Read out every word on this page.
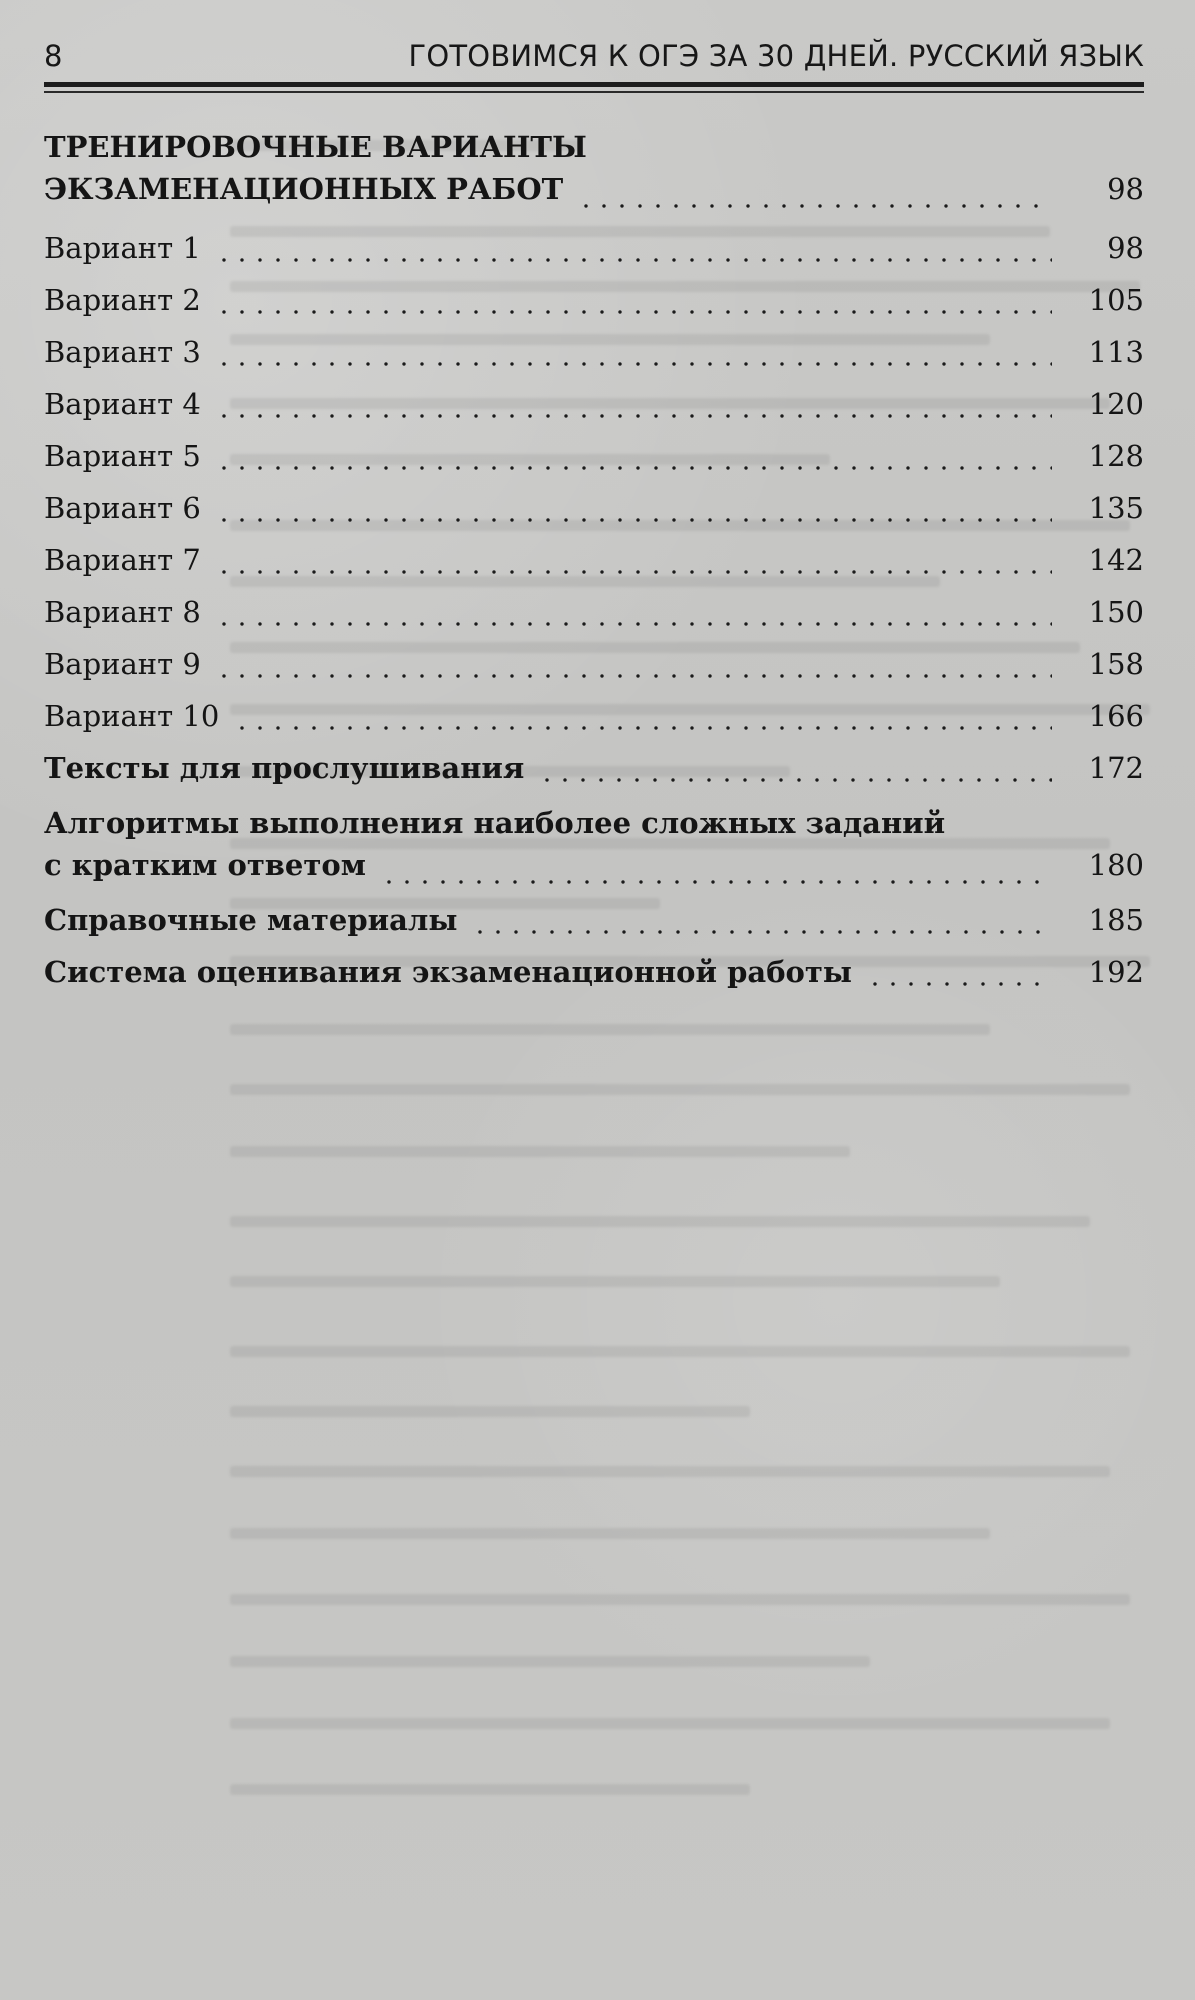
8	ГОТОВИМСЯ К ОГЭ ЗА 30 ДНЕЙ. РУССКИЙ ЯЗЫК
ТРЕНИРОВОЧНЫЕ ВАРИАНТЫ
ЭКЗАМЕНАЦИОННЫХ РАБОТ	98
Вариант 1	98
Вариант 2	105
Вариант 3	113
Вариант 4	120
Вариант 5	128
Вариант 6	135
Вариант 7	142
Вариант 8	150
Вариант 9	158
Вариант 10	166
Тексты для прослушивания	172
Алгоритмы выполнения наиболее сложных заданий
с кратким ответом	180
Справочные материалы	185
Система оценивания экзаменационной работы	192
